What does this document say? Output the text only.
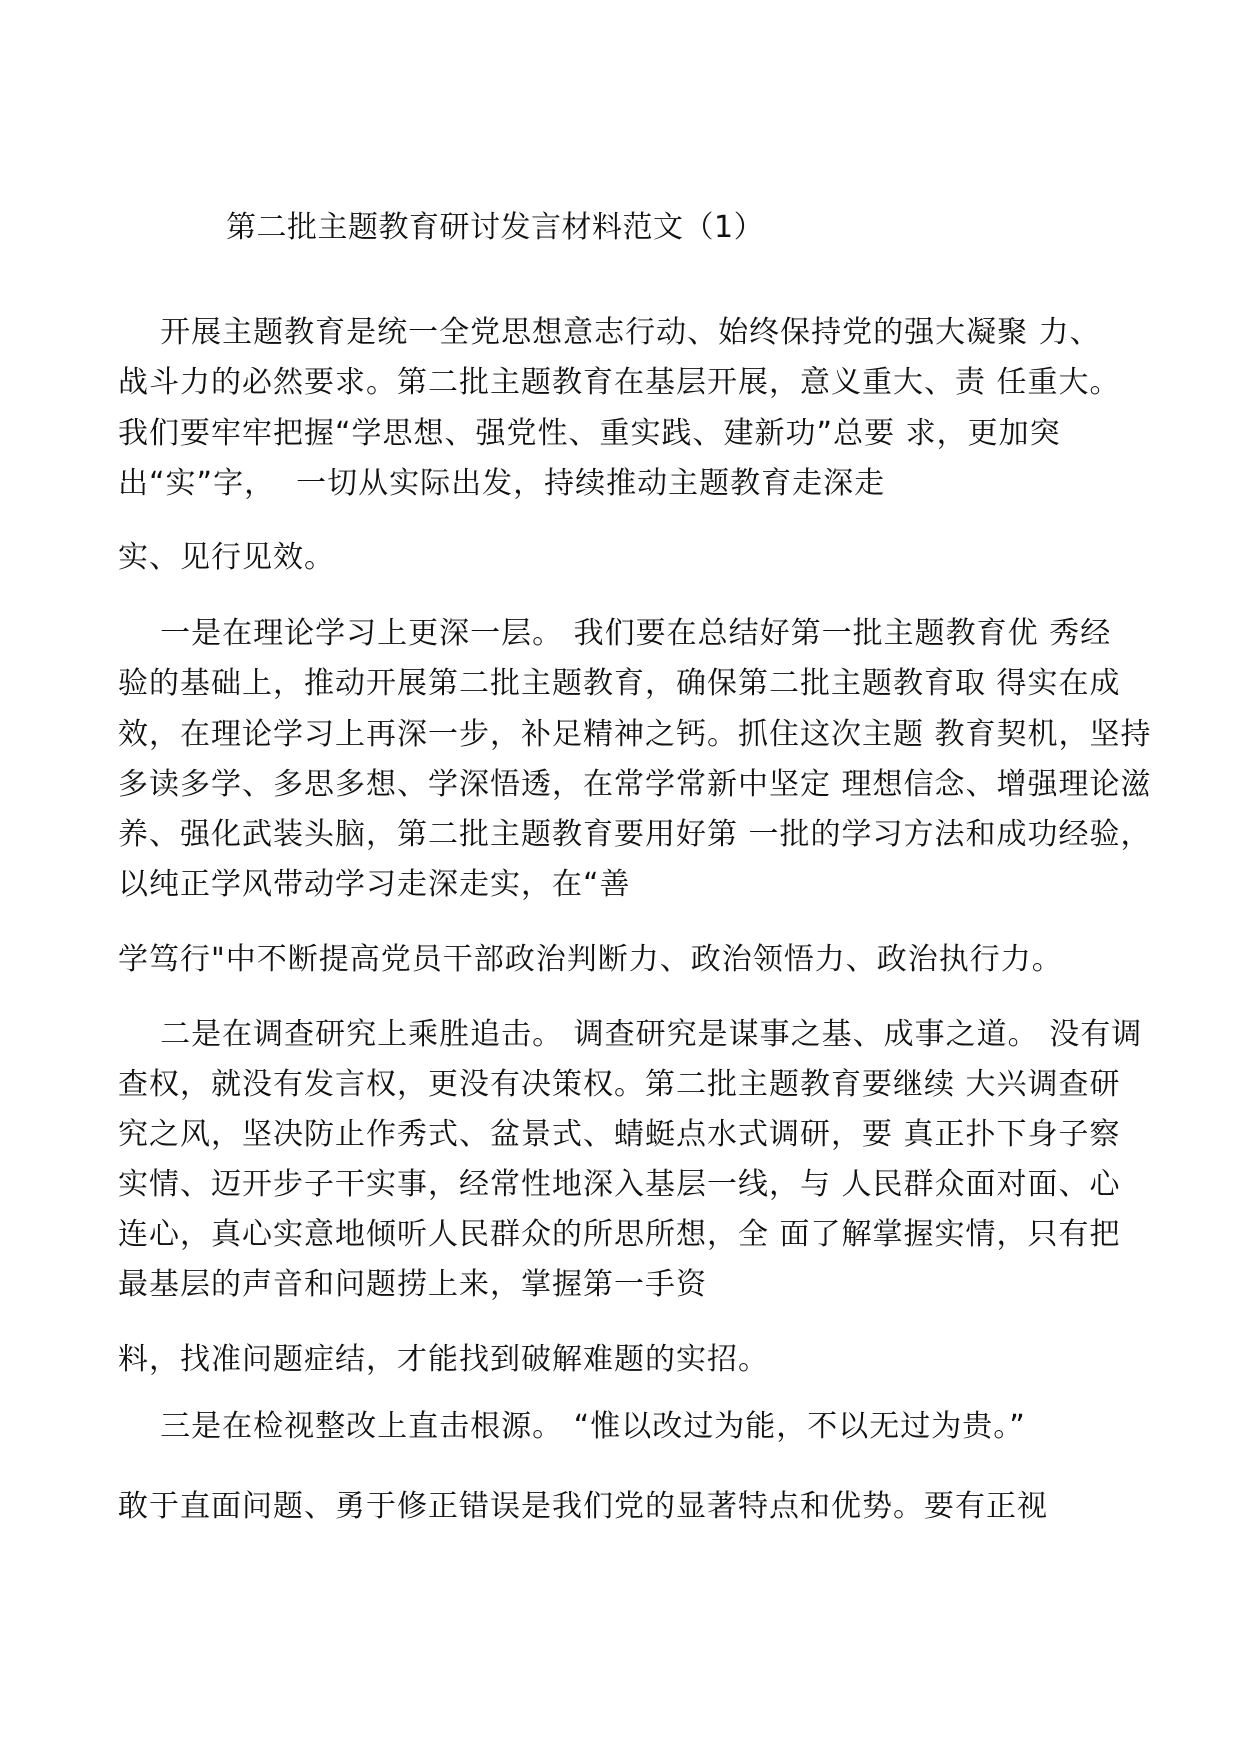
第二批主题教育研讨发言材料范文（1）
开展主题教育是统一全党思想意志行动、始终保持党的强大凝聚 力、
战斗力的必然要求。第二批主题教育在基层开展，意义重大、责 任重大。
我们要牢牢把握“学思想、强党性、重实践、建新功”总要 求，更加突
出“实”字，  一切从实际出发，持续推动主题教育走深走
实、见行见效。
一是在理论学习上更深一层。 我们要在总结好第一批主题教育优 秀经
验的基础上，推动开展第二批主题教育，确保第二批主题教育取 得实在成
效，在理论学习上再深一步，补足精神之钙。抓住这次主题 教育契机，坚持
多读多学、多思多想、学深悟透，在常学常新中坚定 理想信念、增强理论滋
养、强化武装头脑，第二批主题教育要用好第 一批的学习方法和成功经验，
以纯正学风带动学习走深走实，在“善
学笃行"中不断提高党员干部政治判断力、政治领悟力、政治执行力。
二是在调查研究上乘胜追击。 调查研究是谋事之基、成事之道。 没有调
查权，就没有发言权，更没有决策权。第二批主题教育要继续 大兴调查研
究之风，坚决防止作秀式、盆景式、蜻蜓点水式调研，要 真正扑下身子察
实情、迈开步子干实事，经常性地深入基层一线，与 人民群众面对面、心
连心，真心实意地倾听人民群众的所思所想，全 面了解掌握实情，只有把
最基层的声音和问题捞上来，掌握第一手资
料，找准问题症结，才能找到破解难题的实招。
三是在检视整改上直击根源。 “惟以改过为能，不以无过为贵。”
敢于直面问题、勇于修正错误是我们党的显著特点和优势。要有正视
